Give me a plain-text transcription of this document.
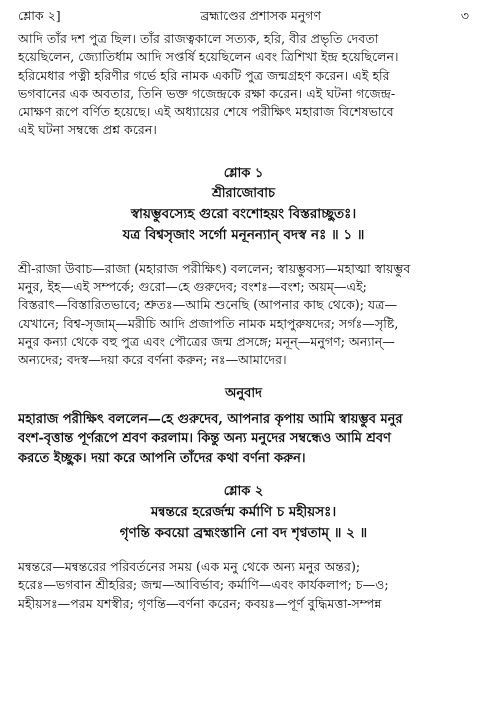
শ্লোক ২]	ব্রহ্মাণ্ডের প্রশাসক মনুগণ	৩
আদি তাঁর দশ পুত্র ছিল। তাঁর রাজত্বকালে সত্যক, হরি, বীর প্রভৃতি দেবতা
হয়েছিলেন, জ্যোতির্ধাম আদি সপ্তর্ষি হয়েছিলেন এবং ত্রিশিখা ইন্দ্র হয়েছিলেন।
হরিমেধার পত্নী হরিণীর গর্ভে হরি নামক একটি পুত্র জন্মগ্রহণ করেন। এই হরি
ভগবানের এক অবতার, তিনি ভক্ত গজেন্দ্রকে রক্ষা করেন। এই ঘটনা গজেন্দ্র-
মোক্ষণ রূপে বর্ণিত হয়েছে। এই অধ্যায়ের শেষে পরীক্ষিৎ মহারাজ বিশেষভাবে
এই ঘটনা সম্বন্ধে প্রশ্ন করেন।
শ্লোক ১
শ্রীরাজোবাচ
স্বায়ম্ভুবস্যেহ গুরো বংশোহয়ং বিস্তরাচ্ছুতঃ।
যত্র বিশ্বসৃজাং সর্গো মনূনন্যান্‌ বদস্ব নঃ ॥ ১ ॥
শ্রী-রাজা উবাচ—রাজা (মহারাজ পরীক্ষিৎ) বললেন; স্বায়ম্ভুবস্য—মহাত্মা স্বায়ম্ভুব
মনুর, ইহ—এই সম্পর্কে; গুরো—হে গুরুদেব; বংশঃ—বংশ; অয়ম্‌—এই;
বিস্তরাৎ—বিস্তারিতভাবে; শ্রুতঃ—আমি শুনেছি (আপনার কাছ থেকে); যত্র—
যেখানে; বিশ্ব-সৃজাম্‌—মরীচি আদি প্রজাপতি নামক মহাপুরুষদের; সর্গঃ—সৃষ্টি,
মনুর কন্যা থেকে বহু পুত্র এবং পৌত্রের জন্ম প্রসঙ্গে; মনূন্‌—মনুগণ; অন্যান্‌—
অন্যদের; বদস্ব—দয়া করে বর্ণনা করুন; নঃ—আমাদের।
অনুবাদ
মহারাজ পরীক্ষিৎ বললেন—হে গুরুদেব, আপনার কৃপায় আমি স্বায়ম্ভুব মনুর
বংশ-বৃত্তান্ত পূর্ণরূপে শ্রবণ করলাম। কিন্তু অন্য মনুদের সম্বন্ধেও আমি শ্রবণ
করতে ইচ্ছুক। দয়া করে আপনি তাঁদের কথা বর্ণনা করুন।
শ্লোক ২
মন্বন্তরে হরের্জন্ম কর্মাণি চ মহীয়সঃ।
গৃণন্তি কবয়ো ব্রহ্মংস্তানি নো বদ শৃণ্বতাম্‌ ॥ ২ ॥
মন্বন্তরে—মন্বন্তরের পরিবর্তনের সময় (এক মনু থেকে অন্য মনুর অন্তর);
হরেঃ—ভগবান শ্রীহরির; জন্ম—আবির্ভাব; কর্মাণি—এবং কার্যকলাপ; চ—ও;
মহীয়সঃ—পরম যশস্বীর; গৃণন্তি—বর্ণনা করেন; কবয়ঃ—পূর্ণ বুদ্ধিমত্তা-সম্পন্ন
